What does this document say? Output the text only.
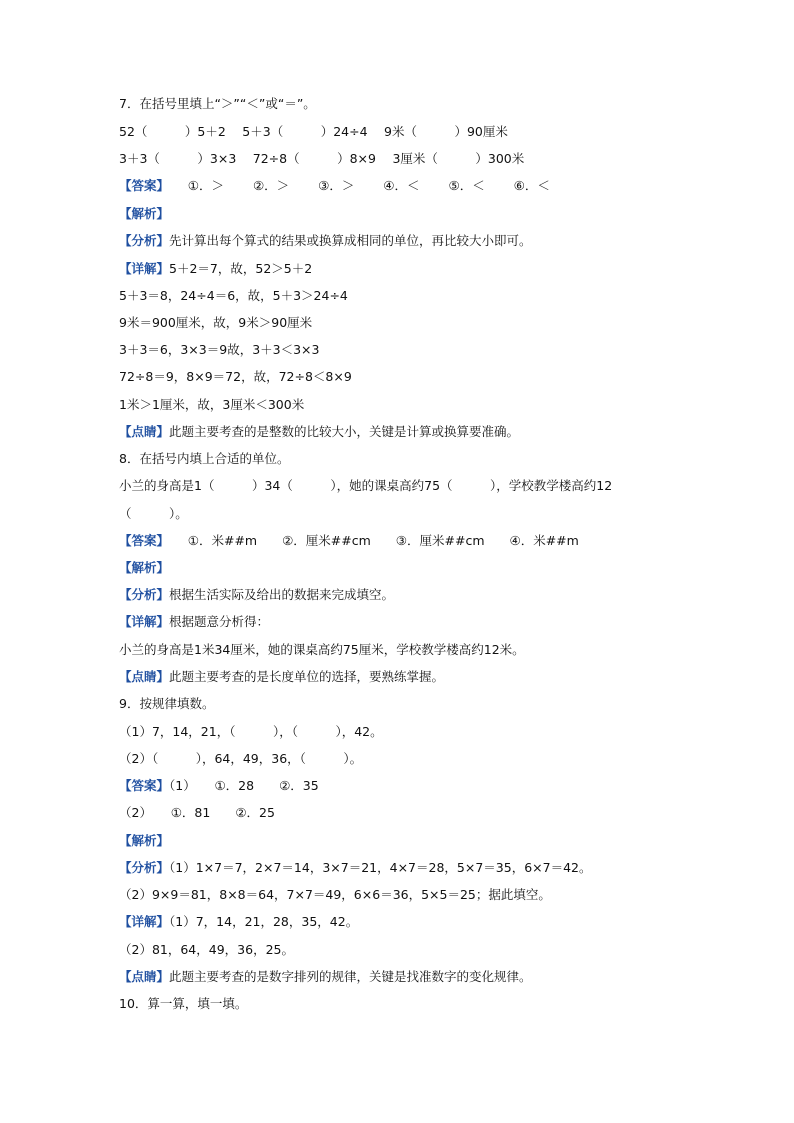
7．在括号里填上“＞”“＜”或“＝”。
52（　　　）5＋2　 5＋3（　　　）24÷4　 9米（　　　）90厘米
3＋3（　　　）3×3　 72÷8（　　　）8×9　 3厘米（　　　）300米
【答案】　　①．＞　　 ②．＞　　 ③．＞　　 ④．＜　　 ⑤．＜　　 ⑥．＜
【解析】
【分析】先计算出每个算式的结果或换算成相同的单位，再比较大小即可。
【详解】5＋2＝7，故，52＞5＋2
5＋3＝8，24÷4＝6，故，5＋3＞24÷4
9米＝900厘米，故，9米＞90厘米
3＋3＝6，3×3＝9故，3＋3＜3×3
72÷8＝9，8×9＝72，故，72÷8＜8×9
1米＞1厘米，故，3厘米＜300米
【点睛】此题主要考查的是整数的比较大小，关键是计算或换算要准确。
8．在括号内填上合适的单位。
小兰的身高是1（　　　）34（　　　），她的课桌高约75（　　　），学校教学楼高约12
（　　　）。
【答案】　　①．米##m　　②．厘米##cm　　③．厘米##cm　　④．米##m
【解析】
【分析】根据生活实际及给出的数据来完成填空。
【详解】根据题意分析得：
小兰的身高是1米34厘米，她的课桌高约75厘米，学校教学楼高约12米。
【点睛】此题主要考查的是长度单位的选择，要熟练掌握。
9．按规律填数。
（1）7，14，21，（　　　），（　　　），42。
（2）（　　　），64，49，36，（　　　）。
【答案】（1）　　①．28　　②．35
（2）　　①．81　　②．25
【解析】
【分析】（1）1×7＝7，2×7＝14，3×7＝21，4×7＝28，5×7＝35，6×7＝42。
（2）9×9＝81，8×8＝64，7×7＝49，6×6＝36，5×5＝25；据此填空。
【详解】（1）7，14，21，28，35，42。
（2）81，64，49，36，25。
【点睛】此题主要考查的是数字排列的规律，关键是找准数字的变化规律。
10．算一算，填一填。
